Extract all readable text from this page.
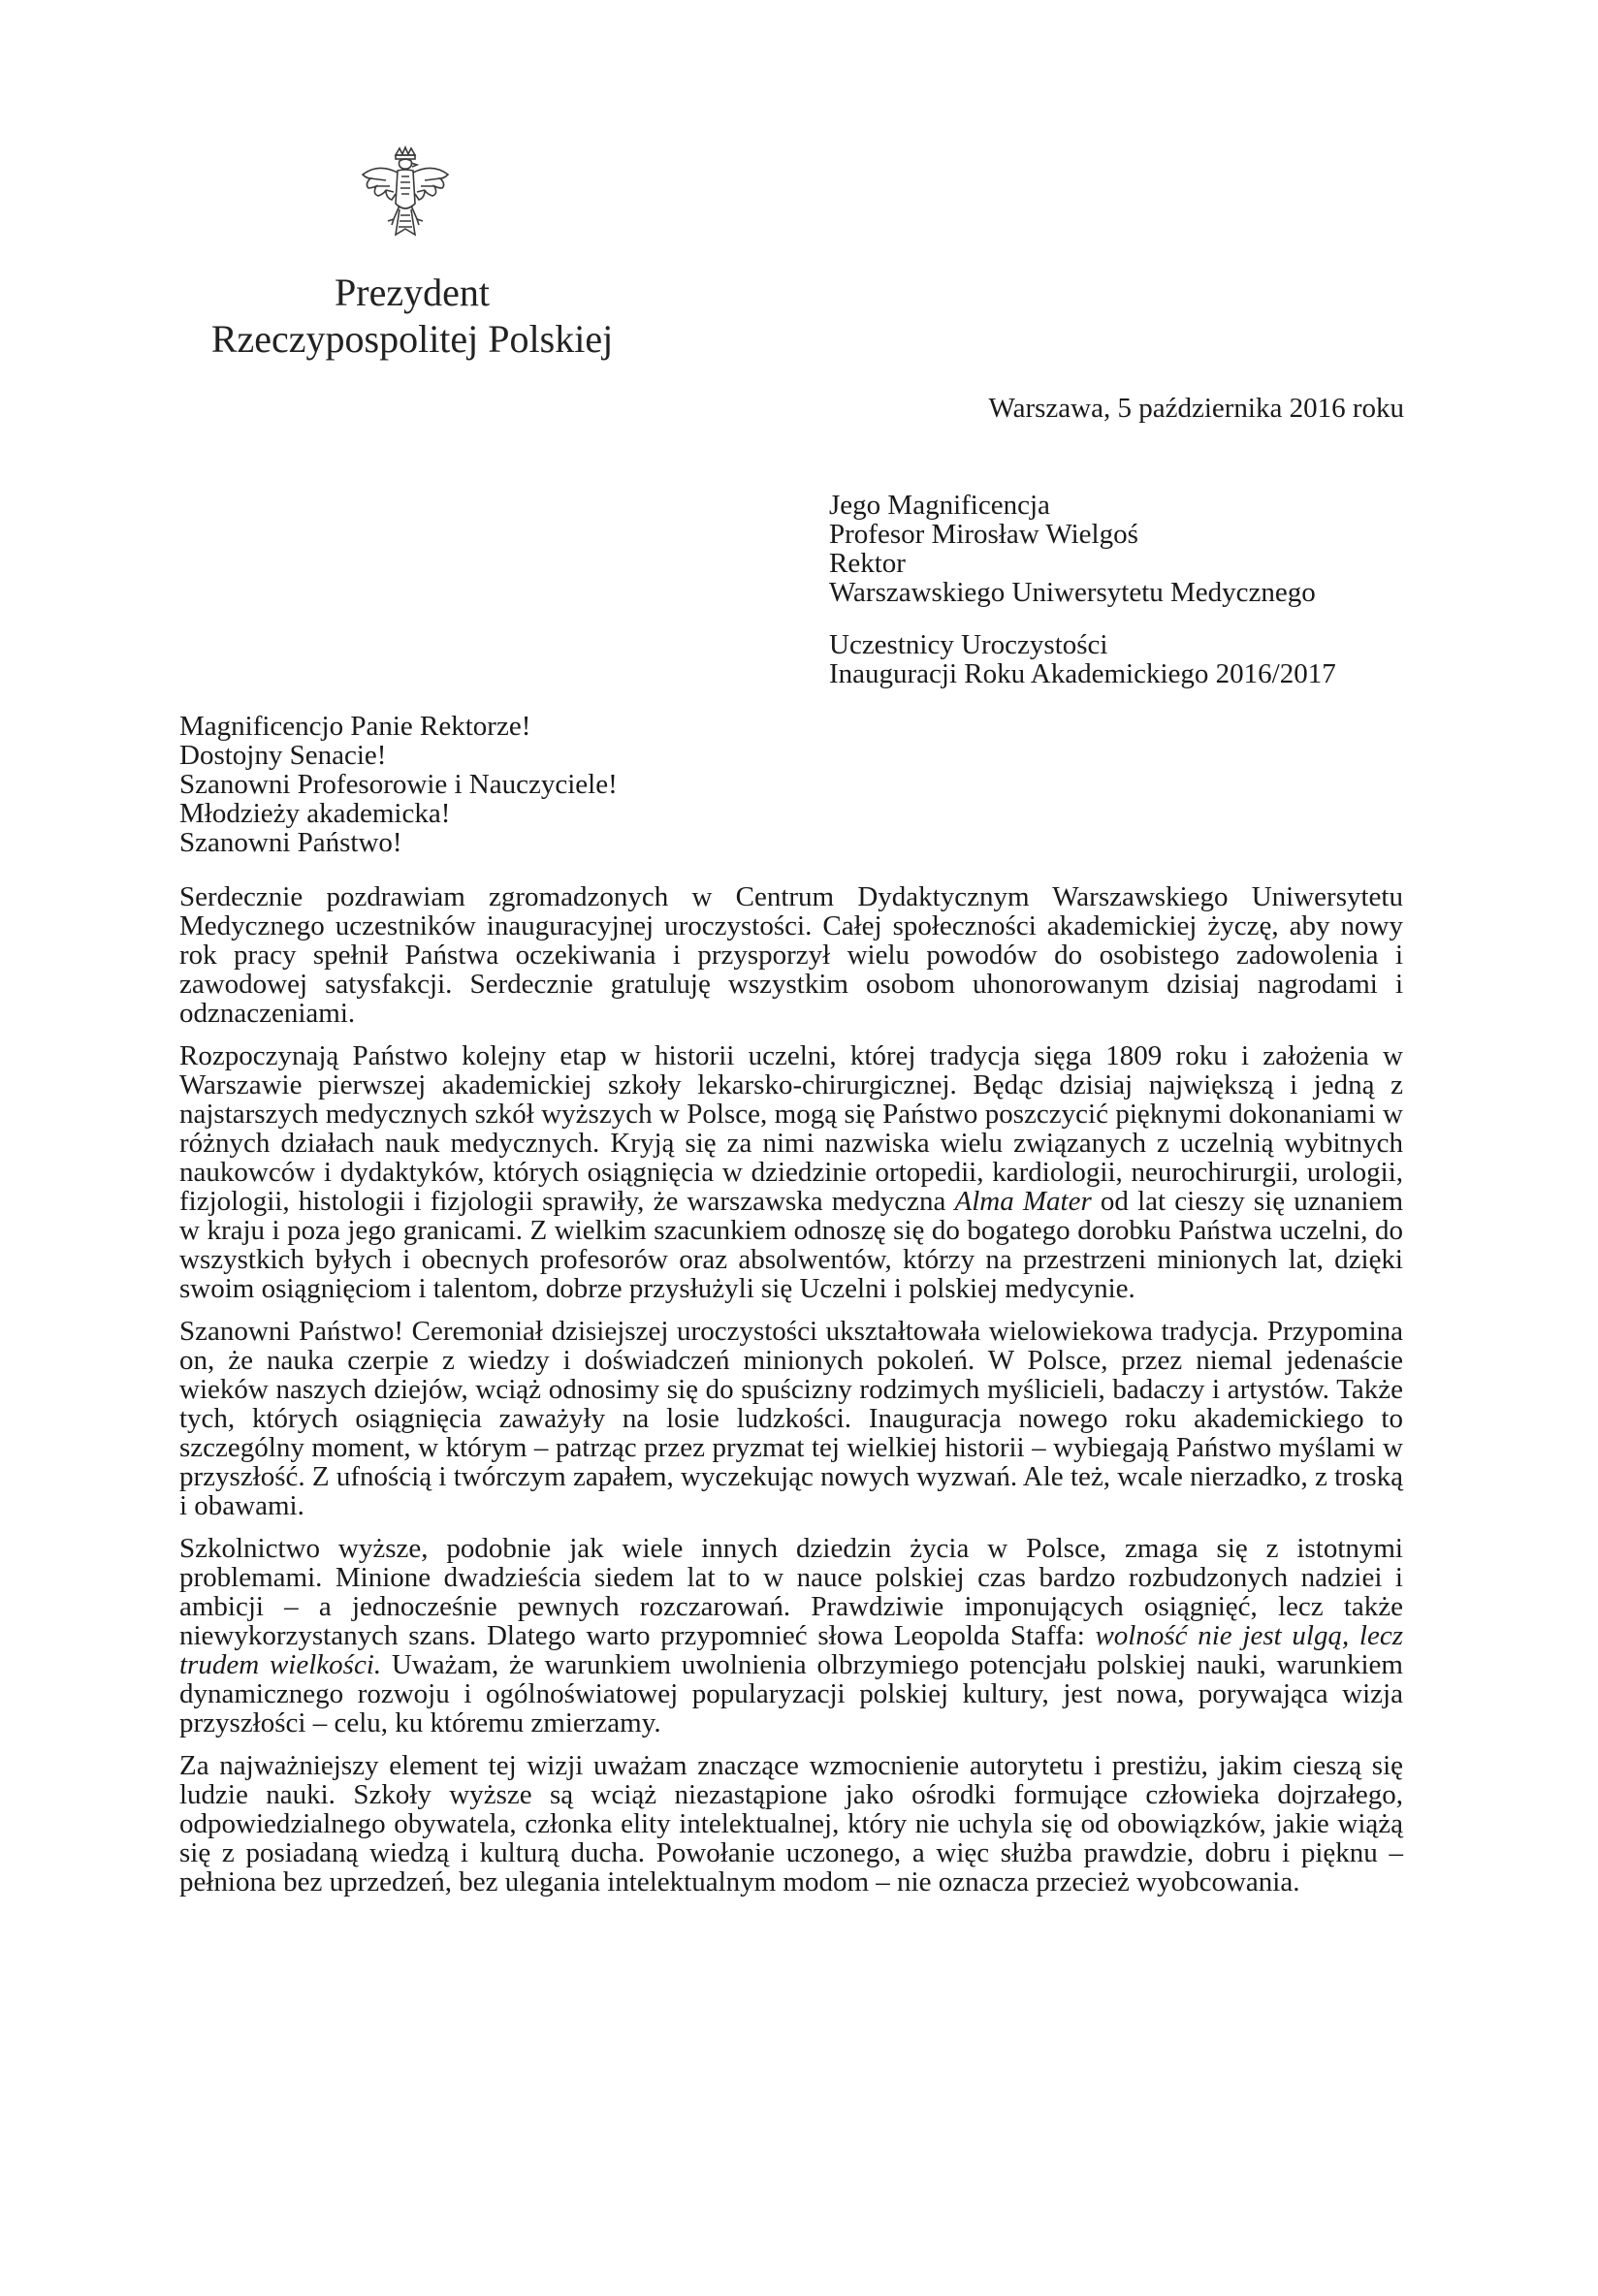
Prezydent
Rzeczypospolitej Polskiej
Warszawa, 5 października 2016 roku
Jego Magnificencja
Profesor Mirosław Wielgoś
Rektor
Warszawskiego Uniwersytetu Medycznego
Uczestnicy Uroczystości
Inauguracji Roku Akademickiego 2016/2017
Magnificencjo Panie Rektorze!
Dostojny Senacie!
Szanowni Profesorowie i Nauczyciele!
Młodzieży akademicka!
Szanowni Państwo!

Serdecznie pozdrawiam zgromadzonych w Centrum Dydaktycznym Warszawskiego Uniwersytetu Medycznego uczestników inauguracyjnej uroczystości. Całej społeczności akademickiej życzę, aby nowy rok pracy spełnił Państwa oczekiwania i przysporzył wielu powodów do osobistego zadowolenia i zawodowej satysfakcji. Serdecznie gratuluję wszystkim osobom uhonorowanym dzisiaj nagrodami i odznaczeniami.

Rozpoczynają Państwo kolejny etap w historii uczelni, której tradycja sięga 1809 roku i założenia w Warszawie pierwszej akademickiej szkoły lekarsko-chirurgicznej. Będąc dzisiaj największą i jedną z najstarszych medycznych szkół wyższych w Polsce, mogą się Państwo poszczycić pięknymi dokonaniami w różnych działach nauk medycznych. Kryją się za nimi nazwiska wielu związanych z uczelnią wybitnych naukowców i dydaktyków, których osiągnięcia w dziedzinie ortopedii, kardiologii, neurochirurgii, urologii, fizjologii, histologii i fizjologii sprawiły, że warszawska medyczna Alma Mater od lat cieszy się uznaniem w kraju i poza jego granicami. Z wielkim szacunkiem odnoszę się do bogatego dorobku Państwa uczelni, do wszystkich byłych i obecnych profesorów oraz absolwentów, którzy na przestrzeni minionych lat, dzięki swoim osiągnięciom i talentom, dobrze przysłużyli się Uczelni i polskiej medycynie.

Szanowni Państwo! Ceremoniał dzisiejszej uroczystości ukształtowała wielowiekowa tradycja. Przypomina on, że nauka czerpie z wiedzy i doświadczeń minionych pokoleń. W Polsce, przez niemal jedenaście wieków naszych dziejów, wciąż odnosimy się do spuścizny rodzimych myślicieli, badaczy i artystów. Także tych, których osiągnięcia zaważyły na losie ludzkości. Inauguracja nowego roku akademickiego to szczególny moment, w którym – patrząc przez pryzmat tej wielkiej historii – wybiegają Państwo myślami w przyszłość. Z ufnością i twórczym zapałem, wyczekując nowych wyzwań. Ale też, wcale nierzadko, z troską i obawami.

Szkolnictwo wyższe, podobnie jak wiele innych dziedzin życia w Polsce, zmaga się z istotnymi problemami. Minione dwadzieścia siedem lat to w nauce polskiej czas bardzo rozbudzonych nadziei i ambicji – a jednocześnie pewnych rozczarowań. Prawdziwie imponujących osiągnięć, lecz także niewykorzystanych szans. Dlatego warto przypomnieć słowa Leopolda Staffa: wolność nie jest ulgą, lecz trudem wielkości. Uważam, że warunkiem uwolnienia olbrzymiego potencjału polskiej nauki, warunkiem dynamicznego rozwoju i ogólnoświatowej popularyzacji polskiej kultury, jest nowa, porywająca wizja przyszłości – celu, ku któremu zmierzamy.

Za najważniejszy element tej wizji uważam znaczące wzmocnienie autorytetu i prestiżu, jakim cieszą się ludzie nauki. Szkoły wyższe są wciąż niezastąpione jako ośrodki formujące człowieka dojrzałego, odpowiedzialnego obywatela, członka elity intelektualnej, który nie uchyla się od obowiązków, jakie wiążą się z posiadaną wiedzą i kulturą ducha. Powołanie uczonego, a więc służba prawdzie, dobru i pięknu – pełniona bez uprzedzeń, bez ulegania intelektualnym modom – nie oznacza przecież wyobcowania.
